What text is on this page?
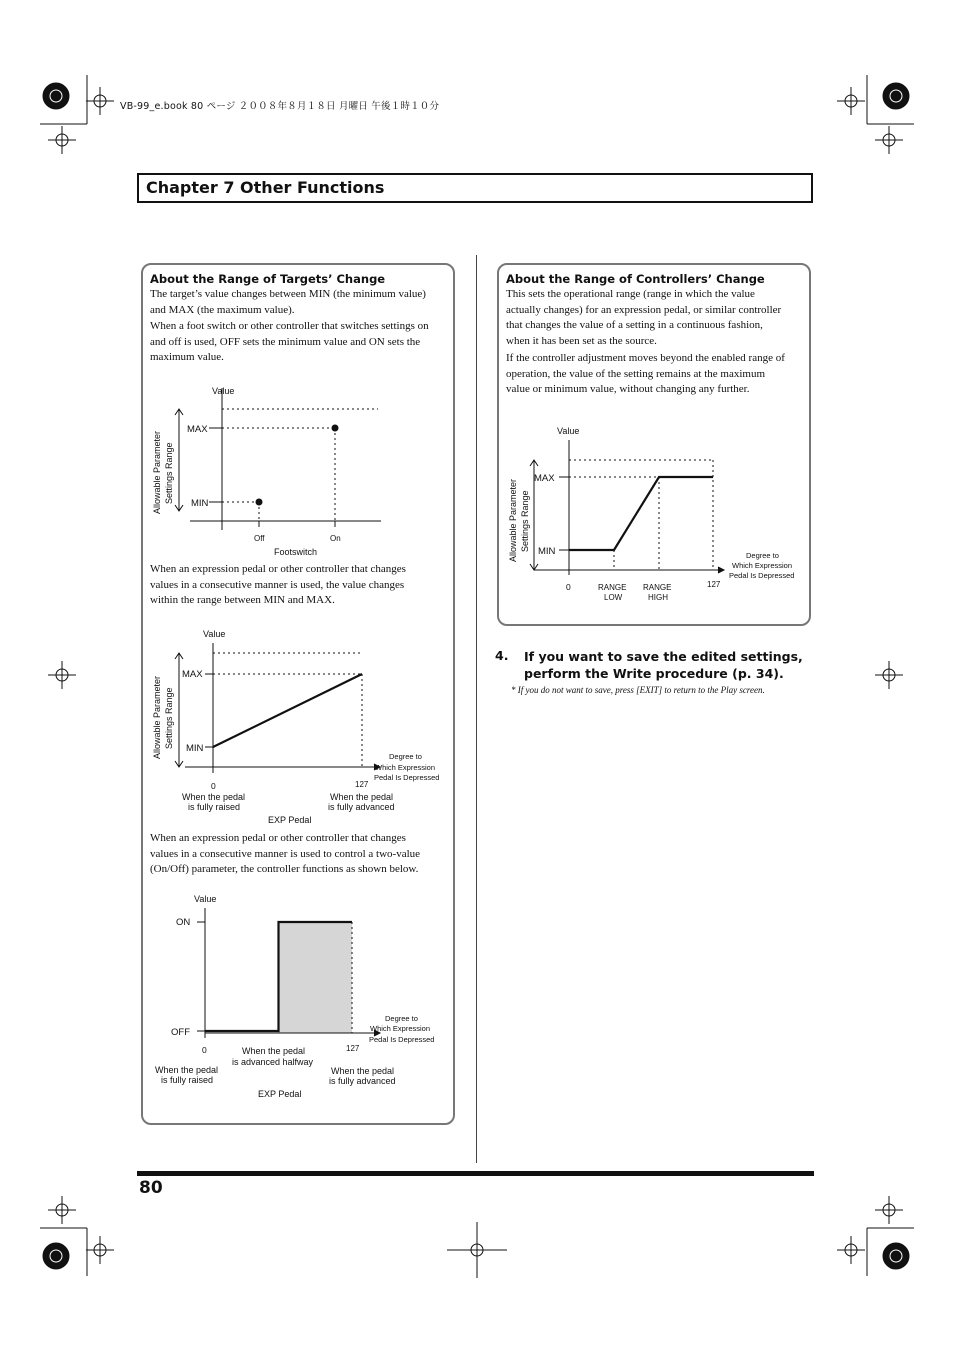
VB-99_e.book 80 ページ ２００８年８月１８日 月曜日 午後１時１０分
Chapter 7 Other Functions
About the Range of Targets’ Change
The target’s value changes between MIN (the minimum value)
and MAX (the maximum value).
When a foot switch or other controller that switches settings on
and off is used, OFF sets the minimum value and ON sets the
maximum value.
Value
MAX
MIN
Allowable Parameter Settings Range
Off	On
Footswitch
When an expression pedal or other controller that changes
values in a consecutive manner is used, the value changes
within the range between MIN and MAX.
Value
MAX
MIN
Allowable Parameter Settings Range
0	127
Degree to
Which Expression
Pedal Is Depressed
When the pedal
is fully raised
When the pedal
is fully advanced
EXP Pedal
When an expression pedal or other controller that changes
values in a consecutive manner is used to control a two-value
(On/Off) parameter, the controller functions as shown below.
Value
ON
OFF
0	127
Degree to
Which Expression
Pedal Is Depressed
When the pedal
is advanced halfway
When the pedal
is fully raised
When the pedal
is fully advanced
EXP Pedal
About the Range of Controllers’ Change
This sets the operational range (range in which the value
actually changes) for an expression pedal, or similar controller
that changes the value of a setting in a continuous fashion,
when it has been set as the source.
If the controller adjustment moves beyond the enabled range of
operation, the value of the setting remains at the maximum
value or minimum value, without changing any further.
Value
MAX
MIN
Allowable Parameter Settings Range
0	RANGE
LOW
RANGE
HIGH
127
Degree to
Which Expression
Pedal Is Depressed
4. If you want to save the edited settings,
perform the Write procedure (p. 34).
* If you do not want to save, press [EXIT] to return to the Play screen.
80
